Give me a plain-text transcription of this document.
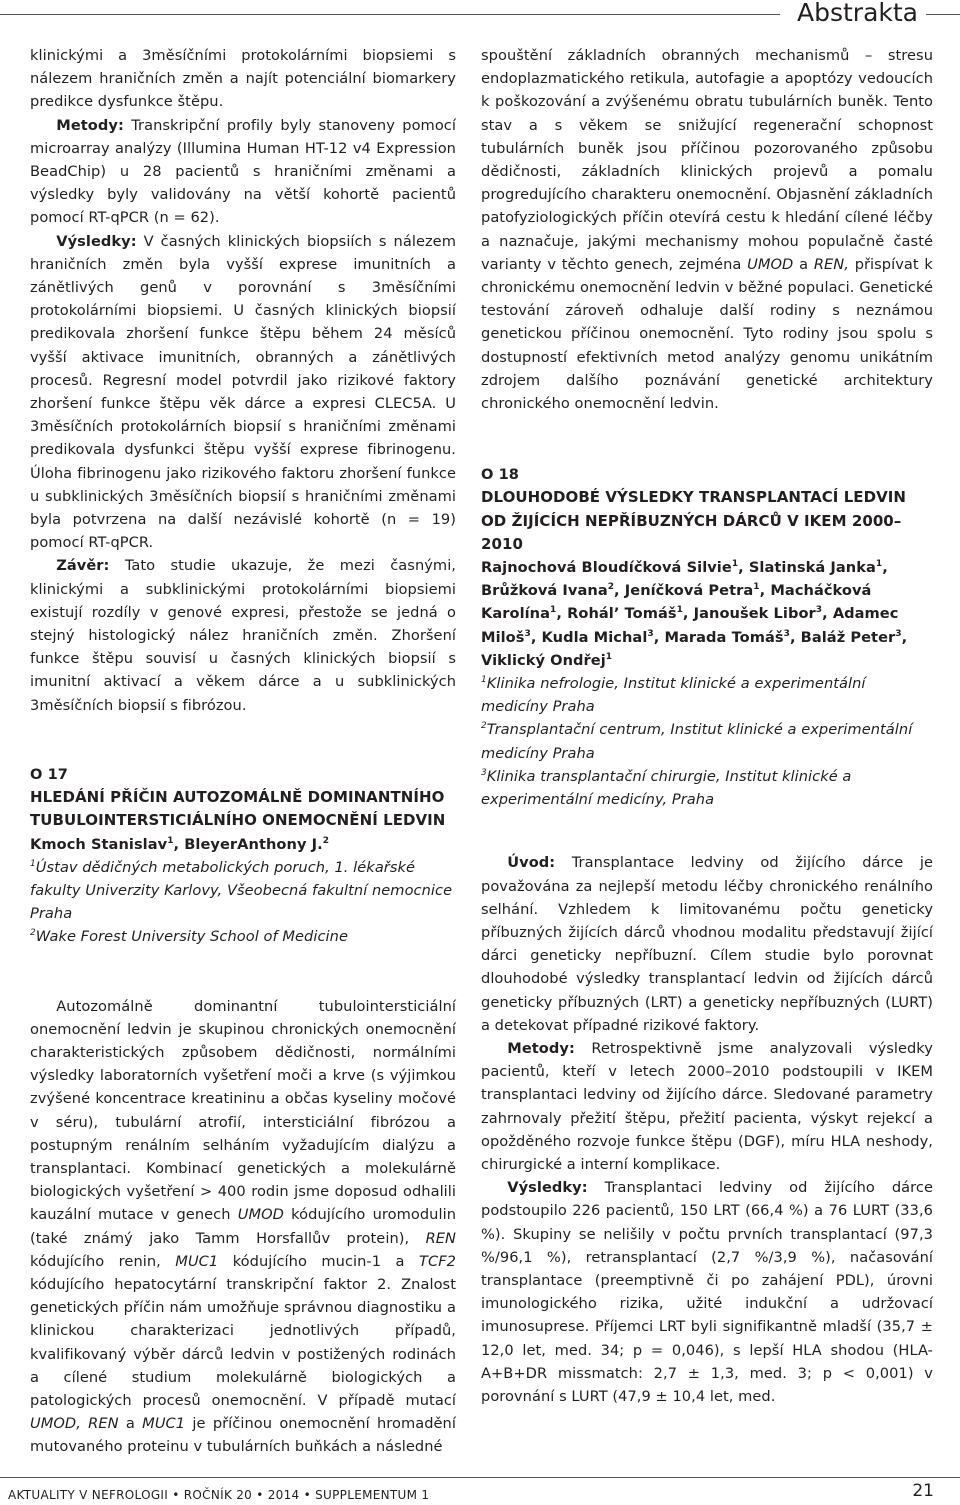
Abstrakta

klinickými a 3měsíčními protokolárními biopsiemi s nálezem hraničních změn a najít potenciální biomarkery predikce dysfunkce štěpu.

Metody: Transkripční profily byly stanoveny pomocí microarray analýzy (Illumina Human HT-12 v4 Expression BeadChip) u 28 pacientů s hraničními změnami a výsledky byly validovány na větší kohortě pacientů pomocí RT-qPCR (n = 62).

Výsledky: V časných klinických biopsiích s nálezem hraničních změn byla vyšší exprese imunitních a zánětlivých genů v porovnání s 3měsíčními protokolárními biopsiemi. U časných klinických biopsií predikovala zhoršení funkce štěpu během 24 měsíců vyšší aktivace imunitních, obranných a zánětlivých procesů. Regresní model potvrdil jako rizikové faktory zhoršení funkce štěpu věk dárce a expresi CLEC5A. U 3měsíčních protokolárních biopsií s hraničními změnami predikovala dysfunkci štěpu vyšší exprese fibrinogenu. Úloha fibrinogenu jako rizikového faktoru zhoršení funkce u subklinických 3měsíčních biopsií s hraničními změnami byla potvrzena na další nezávislé kohortě (n = 19) pomocí RT-qPCR.

Závěr: Tato studie ukazuje, že mezi časnými, klinickými a subklinickými protokolárními biopsiemi existují rozdíly v genové expresi, přestože se jedná o stejný histologický nález hraničních změn. Zhoršení funkce štěpu souvisí u časných klinických biopsií s imunitní aktivací a věkem dárce a u subklinických 3měsíčních biopsií s fibrózou.

O 17

HLEDÁNÍ PŘÍČIN AUTOZOMÁLNĚ DOMINANTNÍHO TUBULOINTERSTICIÁLNÍHO ONEMOCNĚNÍ LEDVIN

Kmoch Stanislav$^1$, BleyerAnthony J.$^2$

$^1$Ústav dědičných metabolických poruch, 1. lékařské fakulty Univerzity Karlovy, Všeobecná fakultní nemocnice Praha

$^2$Wake Forest University School of Medicine

Autozomálně dominantní tubulointersticiální onemocnění ledvin je skupinou chronických onemocnění charakteristických způsobem dědičnosti, normálními výsledky laboratorních vyšetření moči a krve (s výjimkou zvýšené koncentrace kreatininu a občas kyseliny močové v séru), tubulární atrofií, intersticiální fibrózou a postupným renálním selháním vyžadujícím dialýzu a transplantaci. Kombinací genetických a molekulárně biologických vyšetření > 400 rodin jsme doposud odhalili kauzální mutace v genech UMOD kódujícího uromodulin (také známý jako Tamm Horsfallův protein), REN kódujícího renin, MUC1 kódujícího mucin-1 a TCF2 kódujícího hepatocytární transkripční faktor 2. Znalost genetických příčin nám umožňuje správnou diagnostiku a klinickou charakterizaci jednotlivých případů, kvalifikovaný výběr dárců ledvin v postižených rodinách a cílené studium molekulárně biologických a patologických procesů onemocnění. V případě mutací UMOD, REN a MUC1 je příčinou onemocnění hromadění mutovaného proteinu v tubulárních buňkách a následné

spouštění základních obranných mechanismů – stresu endoplazmatického retikula, autofagie a apoptózy vedoucích k poškozování a zvýšenému obratu tubulárních buněk. Tento stav a s věkem se snižující regenerační schopnost tubulárních buněk jsou příčinou pozorovaného způsobu dědičnosti, základních klinických projevů a pomalu progredujícího charakteru onemocnění. Objasnění základních patofyziologických příčin otevírá cestu k hledání cílené léčby a naznačuje, jakými mechanismy mohou populačně časté varianty v těchto genech, zejména UMOD a REN, přispívat k chronickému onemocnění ledvin v běžné populaci. Genetické testování zároveň odhaluje další rodiny s neznámou genetickou příčinou onemocnění. Tyto rodiny jsou spolu s dostupností efektivních metod analýzy genomu unikátním zdrojem dalšího poznávání genetické architektury chronického onemocnění ledvin.

O 18

DLOUHODOBÉ VÝSLEDKY TRANSPLANTACÍ LEDVIN OD ŽIJÍCÍCH NEPŘÍBUZNÝCH DÁRCŮ V IKEM 2000–2010

Rajnochová Bloudíčková Silvie$^1$, Slatinská Janka$^1$, Brůžková Ivana$^2$, Jeníčková Petra$^1$, Macháčková Karolína$^1$, Rohál’ Tomáš$^1$, Janoušek Libor$^3$, Adamec Miloš$^3$, Kudla Michal$^3$, Marada Tomáš$^3$, Baláž Peter$^3$, Viklický Ondřej$^1$

$^1$Klinika nefrologie, Institut klinické a experimentální medicíny Praha

$^2$Transplantační centrum, Institut klinické a experimentální medicíny Praha

$^3$Klinika transplantační chirurgie, Institut klinické a experimentální medicíny, Praha

Úvod: Transplantace ledviny od žijícího dárce je považována za nejlepší metodu léčby chronického renálního selhání. Vzhledem k limitovanému počtu geneticky příbuzných žijících dárců vhodnou modalitu představují žijící dárci geneticky nepříbuzní. Cílem studie bylo porovnat dlouhodobé výsledky transplantací ledvin od žijících dárců geneticky příbuzných (LRT) a geneticky nepříbuzných (LURT) a detekovat případné rizikové faktory.

Metody: Retrospektivně jsme analyzovali výsledky pacientů, kteří v letech 2000–2010 podstoupili v IKEM transplantaci ledviny od žijícího dárce. Sledované parametry zahrnovaly přežití štěpu, přežití pacienta, výskyt rejekcí a opožděného rozvoje funkce štěpu (DGF), míru HLA neshody, chirurgické a interní komplikace.

Výsledky: Transplantaci ledviny od žijícího dárce podstoupilo 226 pacientů, 150 LRT (66,4 %) a 76 LURT (33,6 %). Skupiny se nelišily v počtu prvních transplantací (97,3 %/96,1 %), retransplantací (2,7 %/3,9 %), načasování transplantace (preemptivně či po zahájení PDL), úrovni imunologického rizika, užité indukční a udržovací imunosuprese. Příjemci LRT byli signifikantně mladší (35,7 ± 12,0 let, med. 34; p = 0,046), s lepší HLA shodou (HLA-A+B+DR missmatch: 2,7 ± 1,3, med. 3; p < 0,001) v porovnání s LURT (47,9 ± 10,4 let, med.

AKTUALITY V NEFROLOGII • ROČNÍK 20 • 2014 • SUPPLEMENTUM 1	21
